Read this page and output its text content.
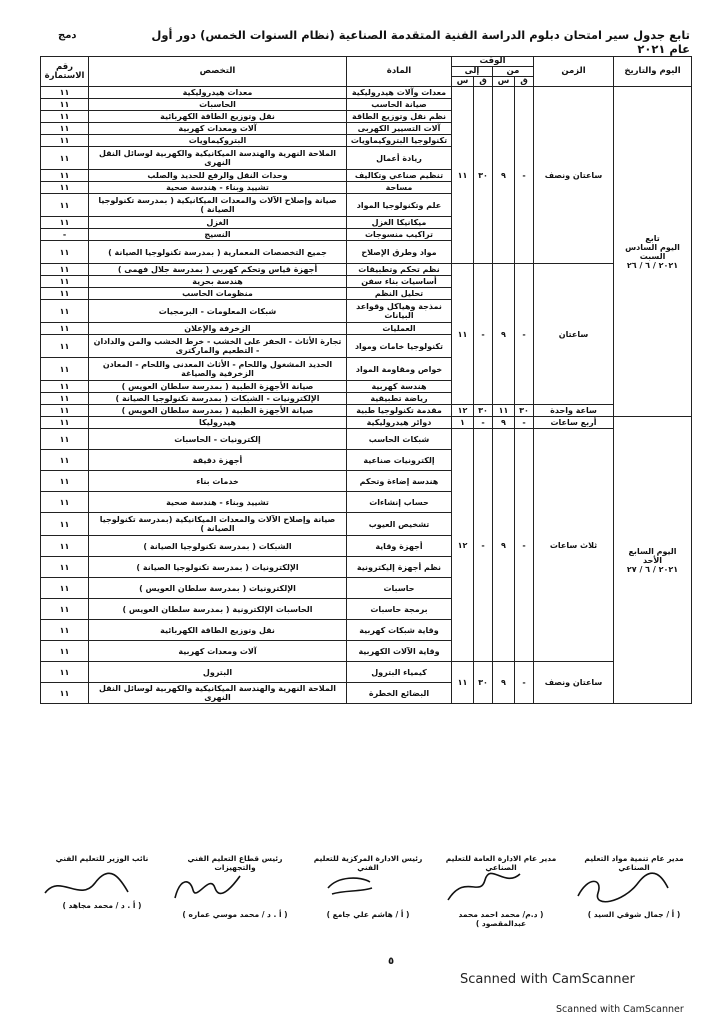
تابع جدول سير امتحان دبلوم الدراسة الفنية المتقدمة الصناعية (نظام السنوات الخمس) دور أول عام ٢٠٢١
دمج
اليوم والتاريخ	الزمن	الوقت				المادة	التخصص	رقم الاستمارة
		من		إلى				
		ق	س	ق	س			

تابع
اليوم السادس
السبت
٢٠٢١ / ٦ / ٢٦	ساعتان ونصف	-	٩	٣٠	١١	معدات وآلات هيدروليكية	معدات هيدروليكية	١١
						صيانة الحاسب	الحاسبات	١١
						نظم نقل وتوزيع الطاقة	نقل وتوزيع الطاقة الكهربائية	١١
						آلات التسيير الكهربى	آلات ومعدات كهربية	١١
						تكنولوجيا البتروكيماويات	البتروكيماويات	١١
						ريادة أعمال	الملاحة النهرية والهندسة الميكانيكية والكهربية لوسائل النقل النهرى	١١
						تنظيم صناعي وتكاليف	وحدات النقل والرفع للحديد والصلب	١١
						مساحة	تشييد وبناء - هندسة صحية	١١
						علم وتكنولوجيا المواد	صيانة وإصلاح الآلات والمعدات الميكانيكية ( بمدرسة تكنولوجيا الصيانة )	١١
						ميكانيكا الغزل	الغزل	١١
						تراكيب منسوجات	النسيج	-
						مواد وطرق الإصلاح	جميع التخصصات المعمارية ( بمدرسة تكنولوجيا الصيانة )	١١
	ساعتان	-	٩	-	١١	نظم تحكم وتطبيقات	أجهزة قياس وتحكم كهربي ( بمدرسة جلال فهمى )	١١
						أساسيات بناء سفن	هندسة بحرية	١١
						تحليل النظم	منظومات الحاسب	١١
						نمذجة وهياكل وقواعد البيانات	شبكات المعلومات - البرمجيات	١١
						العمليات	الزخرفة والإعلان	١١
						تكنولوجيا خامات ومواد	تجارة الأثاث - الحفر على الخشب - خرط الخشب والمن والدادان - التطعيم والماركترى	١١
						خواص ومقاومة المواد	الحديد المشغول واللحام - الأثاث المعدنى واللحام - المعادن الزخرفية والصياغة	١١
						هندسة كهربية	صيانة الأجهزة الطبية ( بمدرسة سلطان العويس )	١١
						رياضة تطبيقية	الإلكترونيات - الشبكات ( بمدرسة تكنولوجيا الصيانة )	١١
	ساعة واحدة	٣٠	١١	٣٠	١٢	مقدمة تكنولوجيا طبية	صيانة الأجهزة الطبية ( بمدرسة سلطان العويس )	١١

اليوم السابع
الأحد
٢٠٢١ / ٦ / ٢٧	أربع ساعات	-	٩	-	١	دوائر هيدروليكية	هيدروليكا	١١
	ثلاث ساعات	-	٩	-	١٢	شبكات الحاسب	إلكترونيات - الحاسبات	١١
						إلكترونيات صناعية	أجهزة دقيقة	١١
						هندسة إضاءة وتحكم	خدمات بناء	١١
						حساب إنشاءات	تشييد وبناء - هندسة صحية	١١
						تشخيص العيوب	صيانة وإصلاح الآلات والمعدات الميكانيكية (بمدرسة تكنولوجيا الصيانة )	١١
						أجهزة وقاية	الشبكات ( بمدرسة تكنولوجيا الصيانة )	١١
						نظم أجهزة إليكترونية	الإلكترونيات ( بمدرسة تكنولوجيا الصيانة )	١١
						حاسبات	الإلكترونيات ( بمدرسة سلطان العويس )	١١
						برمجة حاسبات	الحاسبات الإلكترونية ( بمدرسة سلطان العويس )	١١
						وقاية شبكات كهربية	نقل وتوزيع الطاقة الكهربائية	١١
						وقاية الآلات الكهربية	آلات ومعدات كهربية	١١
	ساعتان ونصف	-	٩	٣٠	١١	كيمياء البترول	البترول	١١
						البضائع الخطرة	الملاحة النهرية والهندسة الميكانيكية والكهربية لوسائل النقل النهرى	١١
مدير عام تنمية مواد التعليم الصناعي
( أ / جمال شوقي السيد )
مدير عام الادارة العامة للتعليم الصناعي
( د.م/ محمد احمد محمد عبدالمقصود )
رئيس الادارة المركزية للتعليم الفني
( أ / هاشم علي جامع )
رئيس قطاع التعليم الفني والتجهيزات
( أ . د / محمد موسي عماره )
نائب الوزير للتعليم الفني
( أ . د / محمد مجاهد )
٥
Scanned with CamScanner
Scanned with CamScanner
